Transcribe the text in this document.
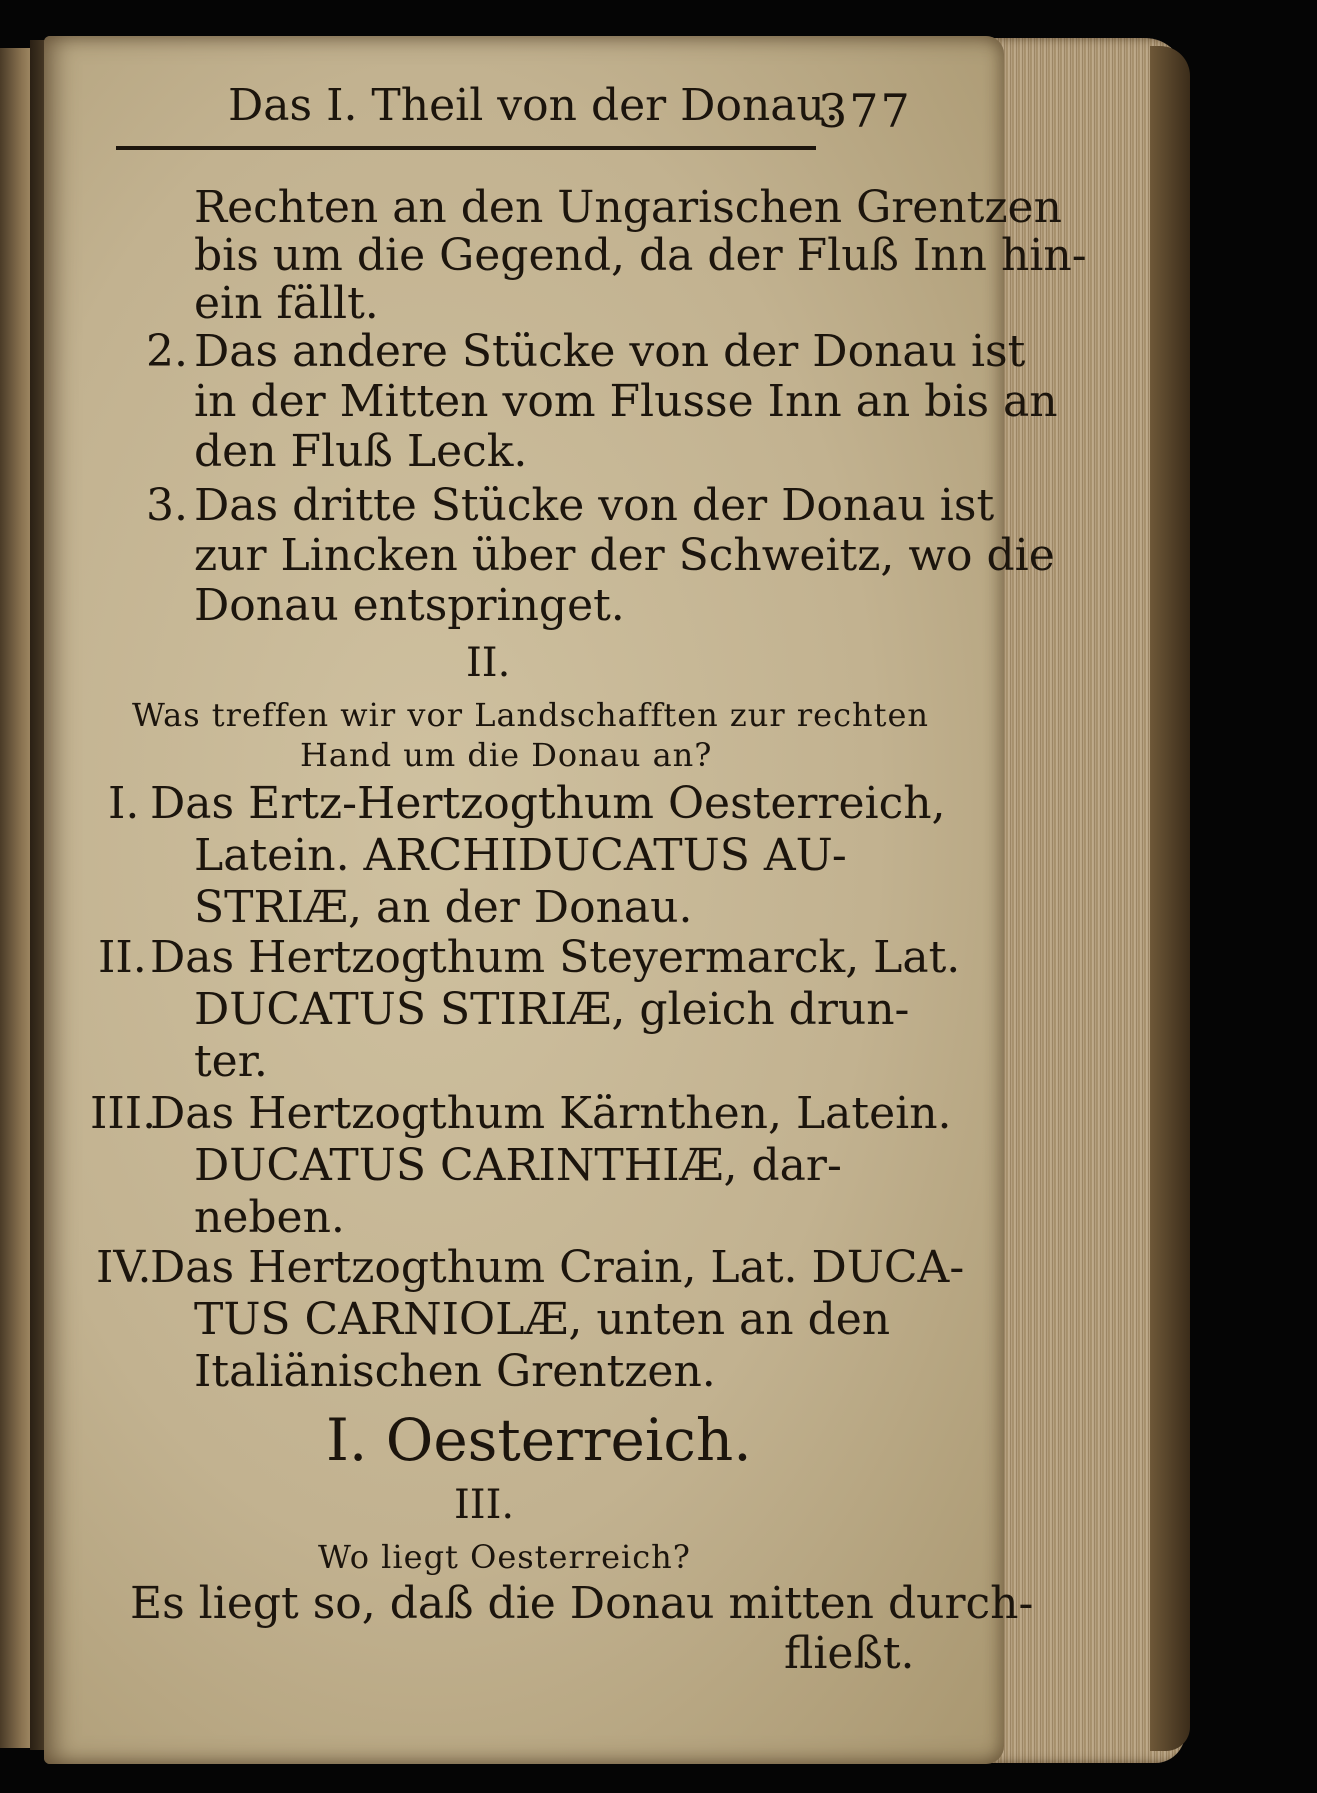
Das I. Theil von der Donau.
377
Rechten an den Ungarischen Grentzen
bis um die Gegend, da der Fluß Inn hin-
ein fällt.
2. Das andere Stücke von der Donau ist
in der Mitten vom Flusse Inn an bis an
den Fluß Leck.
3. Das dritte Stücke von der Donau ist
zur Lincken über der Schweitz, wo die
Donau entspringet.
II.
Was treffen wir vor Landschafften zur rechten
Hand um die Donau an?
I. Das Ertz-Hertzogthum Oesterreich,
Latein. ARCHIDUCATUS AU-
STRIÆ, an der Donau.
II. Das Hertzogthum Steyermarck, Lat.
DUCATUS STIRIÆ, gleich drun-
ter.
III.
Das Hertzogthum Kärnthen, Latein.
DUCATUS CARINTHIÆ, dar-
neben.
IV.
Das Hertzogthum Crain, Lat. DUCA-
TUS CARNIOLÆ, unten an den
Italiänischen Grentzen.
I. Oesterreich.
III.
Wo liegt Oesterreich?
Es liegt so, daß die Donau mitten durch-
fließt.
